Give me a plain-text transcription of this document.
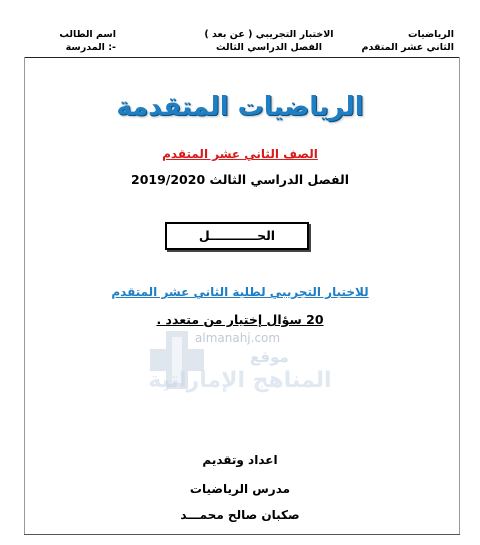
الرياضيات
الثاني عشر المتقدم
الاختبار التجريبي ( عن بعد )
الفصل الدراسي الثالث
اسم الطالب
المدرسة :-
الرياضيات المتقدمة
الصف الثاني عشر المتقدم
الفصل الدراسي الثالث 2019/2020
الحـــــــــــل
للاختبار التجريبي لطلبة الثاني عشر المتقدم
20 سؤال إختيار من متعدد .
almanahj.com
موقع
المناهج الإماراتية
اعداد وتقديم
مدرس الرياضيات
صكبان صالح محمـــد
